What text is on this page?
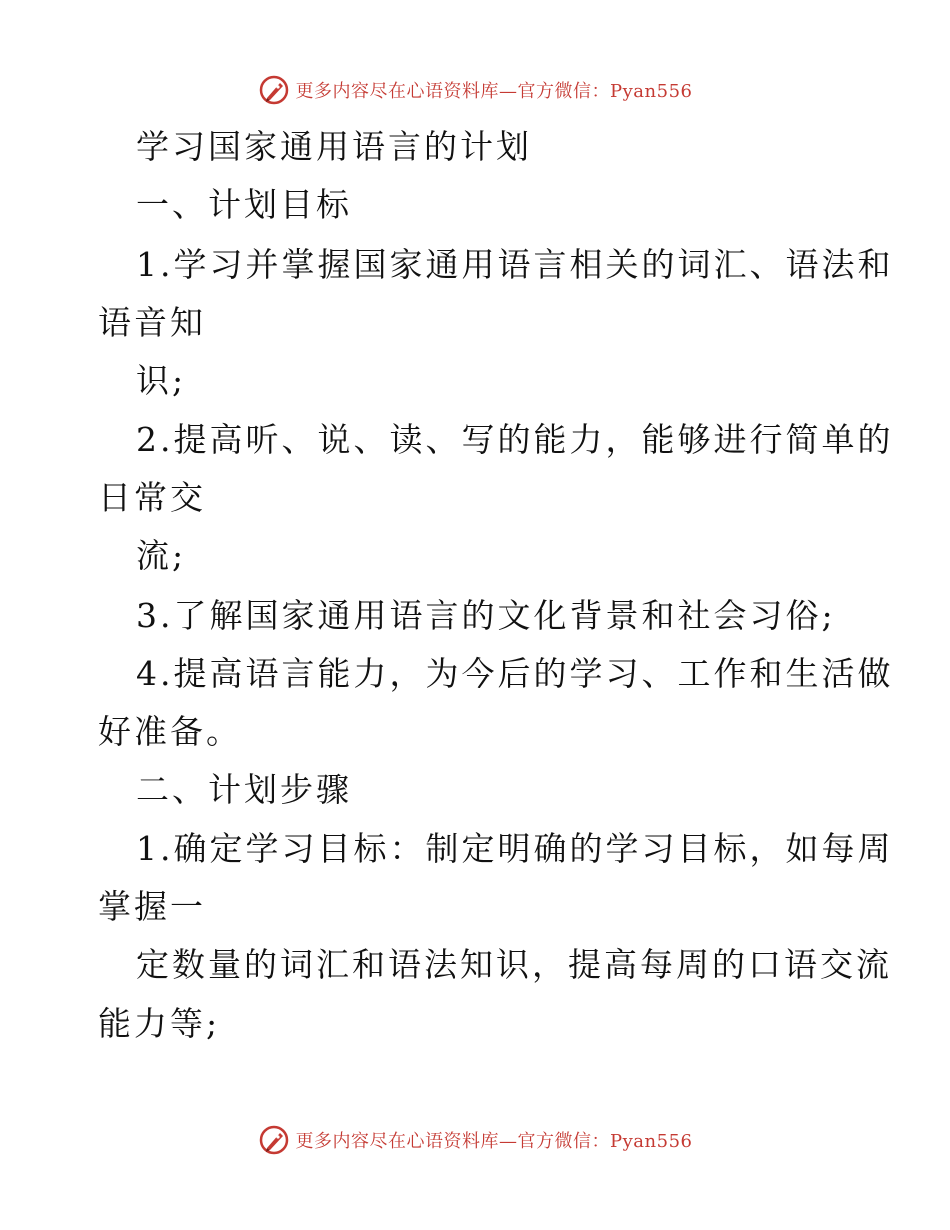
更多内容尽在心语资料库—官方微信：Pyan556
学习国家通用语言的计划
一、计划目标
1.学习并掌握国家通用语言相关的词汇、语法和
语音知
识;
2.提高听、说、读、写的能力，能够进行简单的
日常交
流;
3.了解国家通用语言的文化背景和社会习俗;
4.提高语言能力，为今后的学习、工作和生活做
好准备。
二、计划步骤
1.确定学习目标：制定明确的学习目标，如每周
掌握一
定数量的词汇和语法知识，提高每周的口语交流
能力等;
更多内容尽在心语资料库—官方微信：Pyan556
